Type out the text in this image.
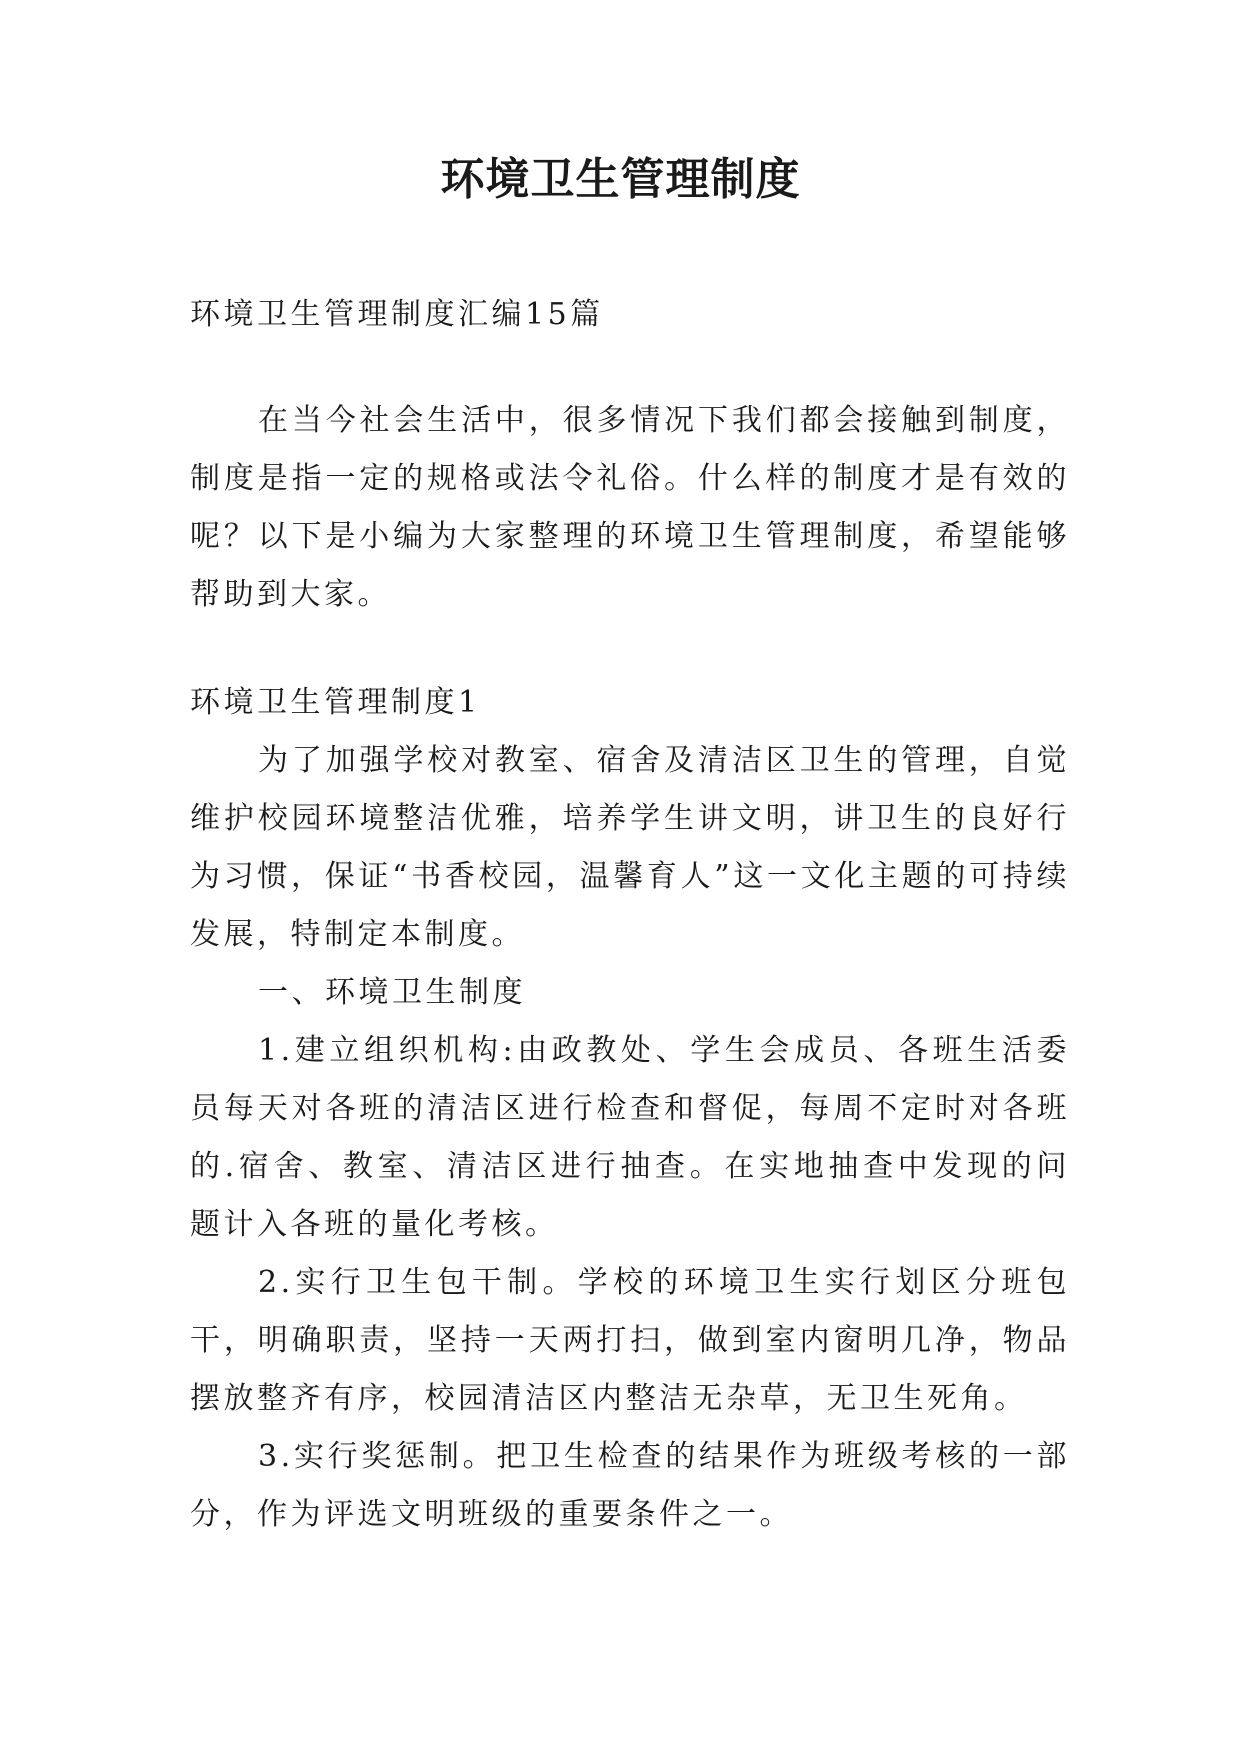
环境卫生管理制度

环境卫生管理制度汇编15篇

在当今社会生活中，很多情况下我们都会接触到制度，制度是指一定的规格或法令礼俗。什么样的制度才是有效的呢？以下是小编为大家整理的环境卫生管理制度，希望能够帮助到大家。

环境卫生管理制度1

为了加强学校对教室、宿舍及清洁区卫生的管理，自觉维护校园环境整洁优雅，培养学生讲文明，讲卫生的良好行为习惯，保证“书香校园，温馨育人”这一文化主题的可持续发展，特制定本制度。

一、环境卫生制度

1.建立组织机构:由政教处、学生会成员、各班生活委员每天对各班的清洁区进行检查和督促，每周不定时对各班的.宿舍、教室、清洁区进行抽查。在实地抽查中发现的问题计入各班的量化考核。

2.实行卫生包干制。学校的环境卫生实行划区分班包干，明确职责，坚持一天两打扫，做到室内窗明几净，物品摆放整齐有序，校园清洁区内整洁无杂草，无卫生死角。

3.实行奖惩制。把卫生检查的结果作为班级考核的一部分，作为评选文明班级的重要条件之一。
